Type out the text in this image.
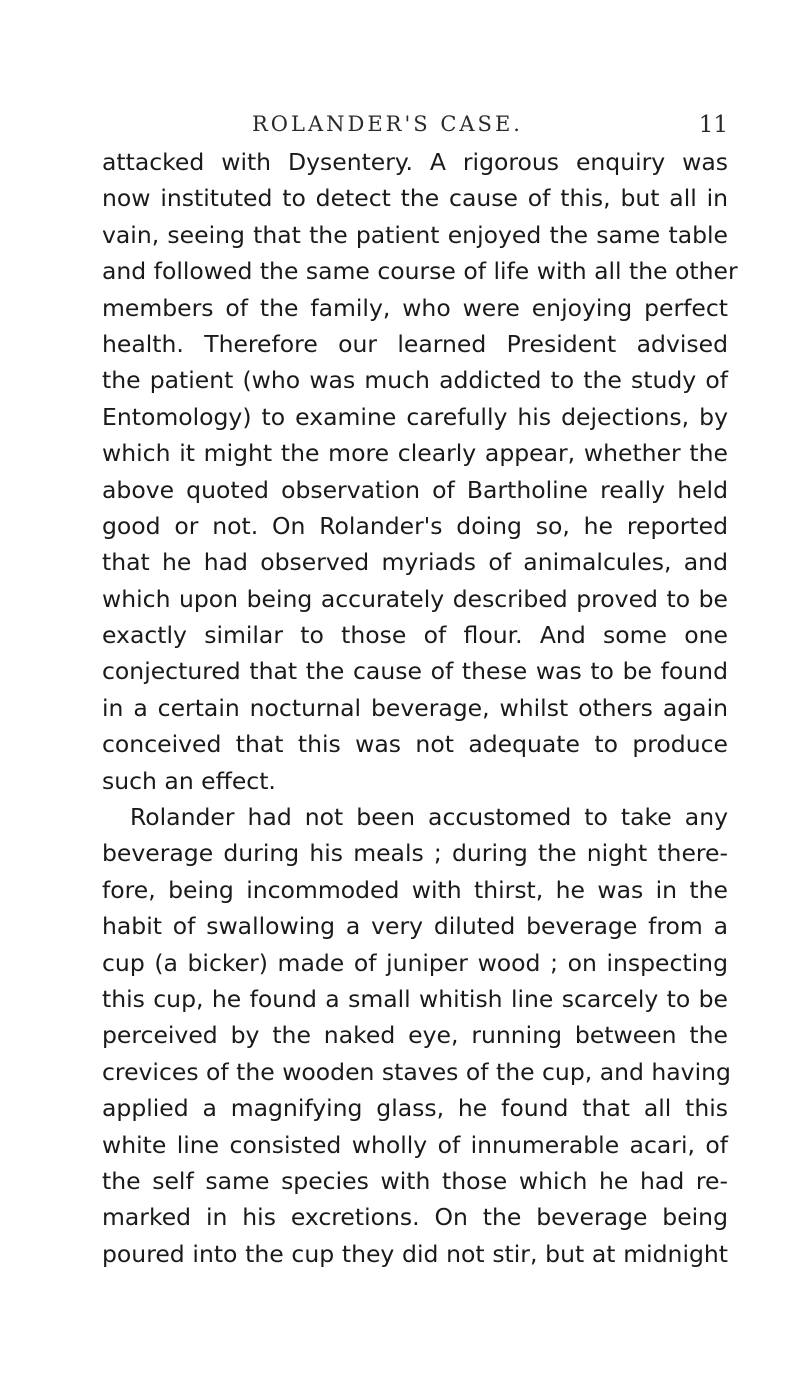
ROLANDER'S CASE.	11
attacked with Dysentery. A rigorous enquiry was
now instituted to detect the cause of this, but all in
vain, seeing that the patient enjoyed the same table
and followed the same course of life with all the other
members of the family, who were enjoying perfect
health. Therefore our learned President advised
the patient (who was much addicted to the study of
Entomology) to examine carefully his dejections, by
which it might the more clearly appear, whether the
above quoted observation of Bartholine really held
good or not. On Rolander's doing so, he reported
that he had observed myriads of animalcules, and
which upon being accurately described proved to be
exactly similar to those of flour. And some one
conjectured that the cause of these was to be found
in a certain nocturnal beverage, whilst others again
conceived that this was not adequate to produce
such an effect.
Rolander had not been accustomed to take any
beverage during his meals ; during the night there-
fore, being incommoded with thirst, he was in the
habit of swallowing a very diluted beverage from a
cup (a bicker) made of juniper wood ; on inspecting
this cup, he found a small whitish line scarcely to be
perceived by the naked eye, running between the
crevices of the wooden staves of the cup, and having
applied a magnifying glass, he found that all this
white line consisted wholly of innumerable acari, of
the self same species with those which he had re-
marked in his excretions. On the beverage being
poured into the cup they did not stir, but at midnight
